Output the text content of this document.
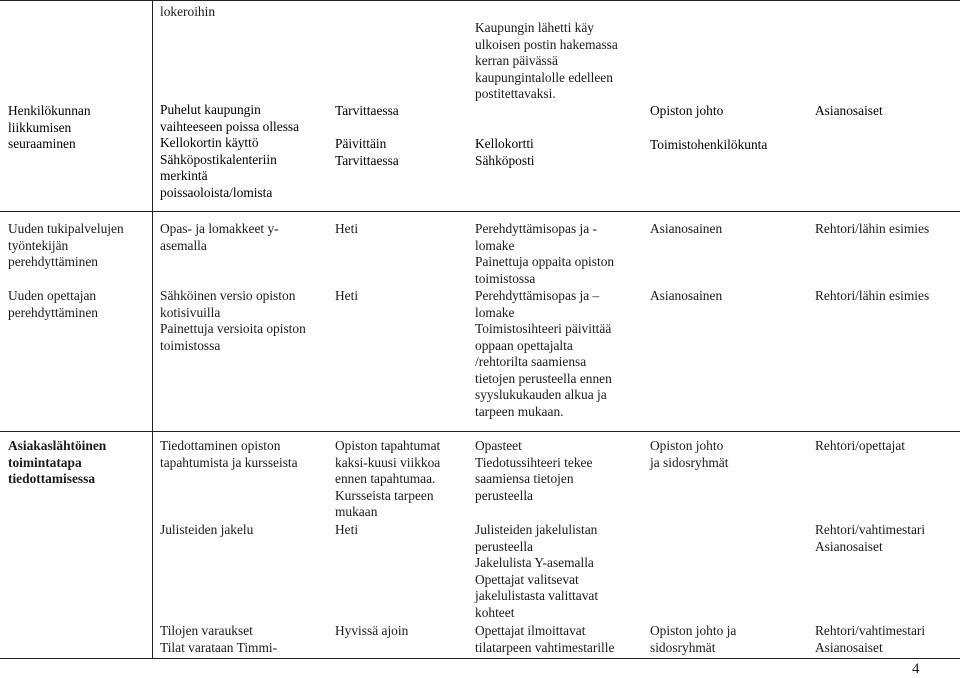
lokeroihin
Kaupungin lähetti käy
ulkoisen postin hakemassa
kerran päivässä
kaupungintalolle edelleen
postitettavaksi.
Henkilökunnan
liikkumisen
seuraaminen
Puhelut kaupungin
vaihteeseen poissa ollessa
Kellokortin käyttö
Sähköpostikalenteriin
merkintä
poissaoloista/lomista
Tarvittaessa
Päivittäin
Tarvittaessa
Kellokortti
Sähköposti
Opiston johto
Toimistohenkilökunta
Asianosaiset
Uuden tukipalvelujen
työntekijän
perehdyttäminen
Uuden opettajan
perehdyttäminen
Opas- ja lomakkeet y-
asemalla
Sähköinen versio opiston
kotisivuilla
Painettuja versioita opiston
toimistossa
Heti
Heti
Perehdyttämisopas ja -
lomake
Painettuja oppaita opiston
toimistossa
Perehdyttämisopas ja –
lomake
Toimistosihteeri päivittää
oppaan opettajalta
/rehtorilta saamiensa
tietojen perusteella ennen
syyslukukauden alkua ja
tarpeen mukaan.
Asianosainen
Asianosainen
Rehtori/lähin esimies
Rehtori/lähin esimies
Asiakaslähtöinen
toimintatapa
tiedottamisessa
Tiedottaminen opiston
tapahtumista ja kursseista
Julisteiden jakelu
Tilojen varaukset
Tilat varataan Timmi-
Opiston tapahtumat
kaksi-kuusi viikkoa
ennen tapahtumaa.
Kursseista tarpeen
mukaan
Heti
Hyvissä ajoin
Opasteet
Tiedotussihteeri tekee
saamiensa tietojen
perusteella
Julisteiden jakelulistan
perusteella
Jakelulista Y-asemalla
Opettajat valitsevat
jakelulistasta valittavat
kohteet
Opettajat ilmoittavat
tilatarpeen vahtimestarille
Opiston johto
ja sidosryhmät
Opiston johto ja
sidosryhmät
Rehtori/opettajat
Rehtori/vahtimestari
Asianosaiset
Rehtori/vahtimestari
Asianosaiset
4
